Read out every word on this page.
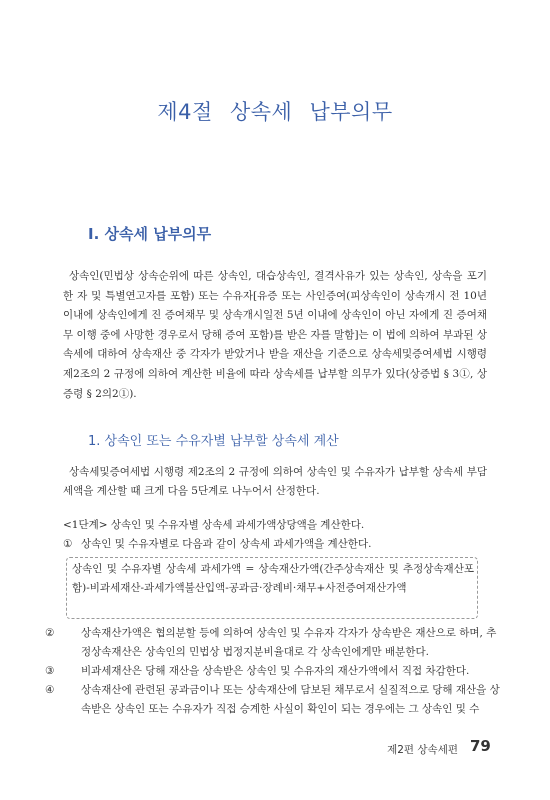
제4절 상속세 납부의무
Ⅰ. 상속세 납부의무
상속인(민법상 상속순위에 따른 상속인, 대습상속인, 결격사유가 있는 상속인, 상속을 포기한 자 및 특별연고자를 포함) 또는 수유자[유증 또는 사인증여(피상속인이 상속개시 전 10년 이내에 상속인에게 진 증여채무 및 상속개시일전 5년 이내에 상속인이 아닌 자에게 진 증여채무 이행 중에 사망한 경우로서 당해 증여 포함)를 받은 자를 말함]는 이 법에 의하여 부과된 상속세에 대하여 상속재산 중 각자가 받았거나 받을 재산을 기준으로 상속세및증여세법 시행령 제2조의 2 규정에 의하여 계산한 비율에 따라 상속세를 납부할 의무가 있다(상증법 § 3①, 상증령 § 2의2①).
1. 상속인 또는 수유자별 납부할 상속세 계산
상속세및증여세법 시행령 제2조의 2 규정에 의하여 상속인 및 수유자가 납부할 상속세 부담세액을 계산할 때 크게 다음 5단계로 나누어서 산정한다.
<1단계> 상속인 및 수유자별 상속세 과세가액상당액을 계산한다.
① 상속인 및 수유자별로 다음과 같이 상속세 과세가액을 계산한다.
상속인 및 수유자별 상속세 과세가액 = 상속재산가액(간주상속재산 및 추정상속재산포함)-비과세재산-과세가액불산입액-공과금·장례비·채무+사전증여재산가액
②	상속재산가액은 협의분할 등에 의하여 상속인 및 수유자 각자가 상속받은 재산으로 하며, 추정상속재산은 상속인의 민법상 법정지분비율대로 각 상속인에게만 배분한다.
③	비과세재산은 당해 재산을 상속받은 상속인 및 수유자의 재산가액에서 직접 차감한다.
④	상속재산에 관련된 공과금이나 또는 상속재산에 담보된 채무로서 실질적으로 당해 재산을 상속받은 상속인 또는 수유자가 직접 승계한 사실이 확인이 되는 경우에는 그 상속인 및 수
제2편 상속세편 79
